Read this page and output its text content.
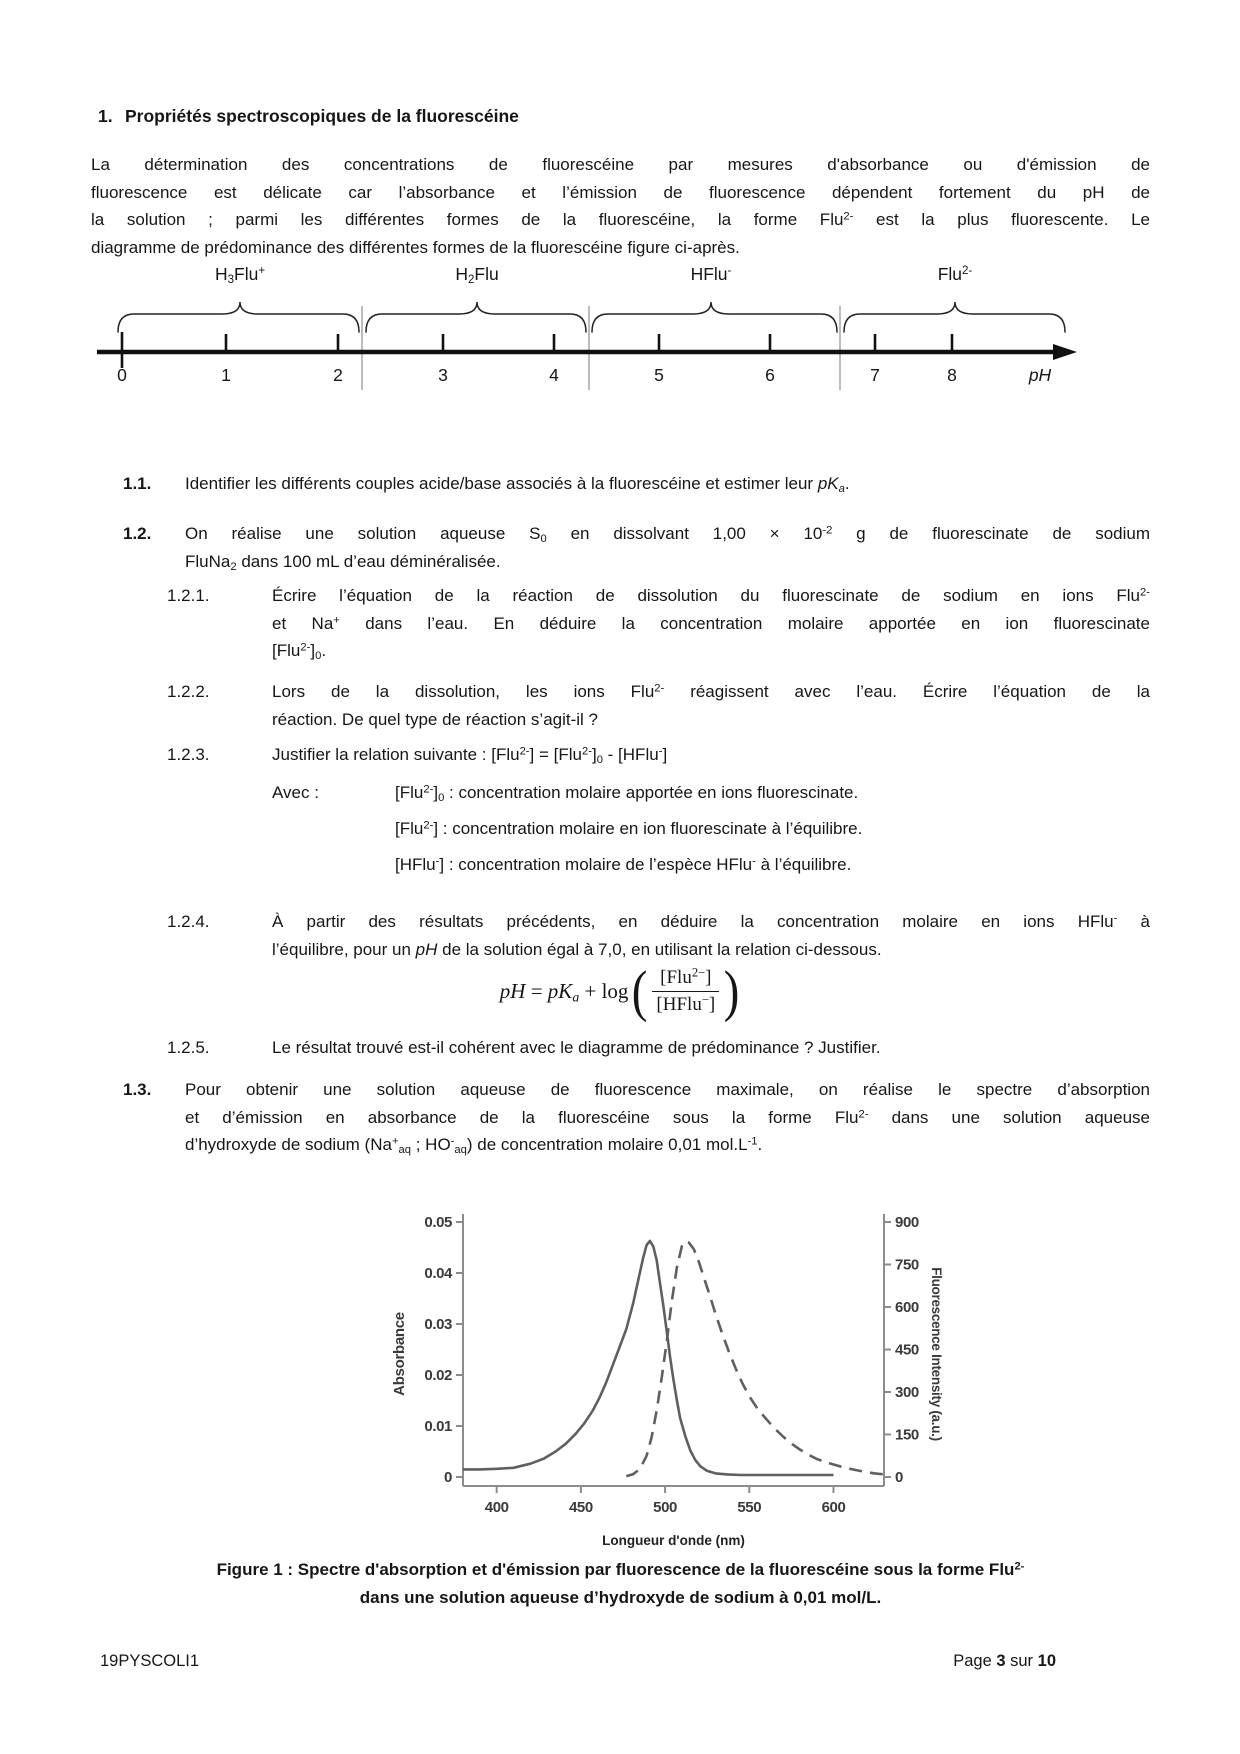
1. Propriétés spectroscopiques de la fluorescéine
La détermination des concentrations de fluorescéine par mesures d'absorbance ou d'émission de
fluorescence est délicate car l’absorbance et l’émission de fluorescence dépendent fortement du pH de
la solution ; parmi les différentes formes de la fluorescéine, la forme Flu$^{2-}$ est la plus fluorescente. Le
diagramme de prédominance des différentes formes de la fluorescéine figure ci-après.
$H_3Flu^+$	$H_2Flu$	HFlu-	Flu$^{2-}$
0	1	2	3	4	5	6	7	8	pH
1.1.	Identifier les différents couples acide/base associés à la fluorescéine et estimer leur $pK_a$.
1.2.	On réalise une solution aqueuse $S_0$ en dissolvant $1,00 \times 10^{-2}$ g de fluorescinate de sodium
FluNa$_2$ dans 100 mL d’eau déminéralisée.
1.2.1.	Écrire l’équation de la réaction de dissolution du fluorescinate de sodium en ions Flu$^{2-}$
et Na+ dans l’eau. En déduire la concentration molaire apportée en ion fluorescinate
$[Flu^{2-}]_0$.
1.2.2.	Lors de la dissolution, les ions Flu$^{2-}$ réagissent avec l’eau. Écrire l’équation de la
réaction. De quel type de réaction s’agit-il ?
1.2.3.	Justifier la relation suivante : $[Flu^{2-}] = [Flu^{2-}]_0$ - [HFlu-]
Avec :	$[Flu^{2-}]_0$ : concentration molaire apportée en ions fluorescinate.
[Flu$^{2-}$] : concentration molaire en ion fluorescinate à l’équilibre.
[HFlu-] : concentration molaire de l’espèce HFlu- à l’équilibre.
1.2.4.	À partir des résultats précédents, en déduire la concentration molaire en ions HFlu- à
l’équilibre, pour un pH de la solution égal à 7,0, en utilisant la relation ci-dessous.
pH = $pK_a + \log$ ( $\frac{[Flu^{2-}]}{[HFlu^-]}$ )
1.2.5.	Le résultat trouvé est-il cohérent avec le diagramme de prédominance ? Justifier.
1.3.	Pour obtenir une solution aqueuse de fluorescence maximale, on réalise le spectre d’absorption
et d’émission en absorbance de la fluorescéine sous la forme Flu$^{2-}$ dans une solution aqueuse
d’hydroxyde de sodium ($Na^+_{aq}$ ; $HO^-_{aq}$) de concentration molaire 0,01 $mol.L^{-1}$.
0.05
0.04
0.03
0.02
0.01
0
900
750
600
450
300
150
0
400	450	500	550	600
Absorbance	Fluorescence Intensity (a.u.)
Longueur d'onde (nm)
Figure 1 : Spectre d'absorption et d'émission par fluorescence de la fluorescéine sous la forme Flu$^{2-}$
dans une solution aqueuse d’hydroxyde de sodium à 0,01 mol/L.
19PYSCOLI1	Page 3 sur 10
